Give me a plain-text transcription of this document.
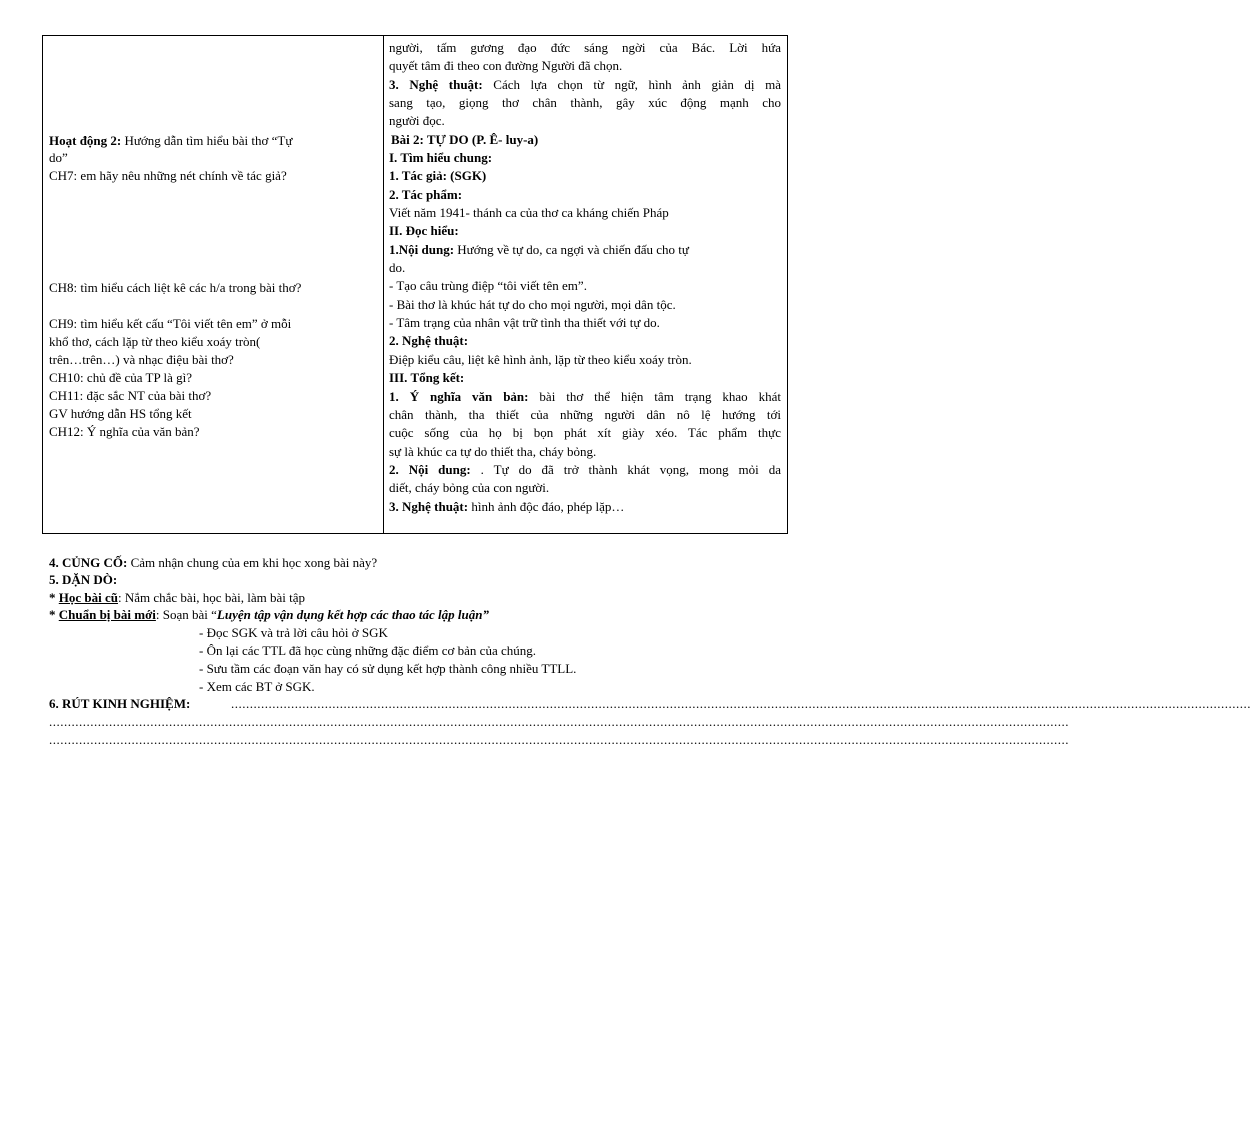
Hoạt động 2: Hướng dẫn tìm hiểu bài thơ “Tự
do”
CH7: em hãy nêu những nét chính về tác giả?
CH8: tìm hiểu cách liệt kê các h/a trong bài thơ?
CH9: tìm hiểu kết cấu “Tôi viết tên em” ở mỗi
khổ thơ, cách lặp từ theo kiểu xoáy tròn(
trên…trên…) và nhạc điệu bài thơ?
CH10: chủ đề của TP là gì?
CH11: đặc sắc NT của bài thơ?
GV hướng dẫn HS tổng kết
CH12: Ý nghĩa của văn bản?
người, tấm gương đạo đức sáng ngời của Bác. Lời hứa
quyết tâm đi theo con đường Người đã chọn.
3. Nghệ thuật: Cách lựa chọn từ ngữ, hình ảnh giản dị mà
sang tạo, giọng thơ chân thành, gây xúc động mạnh cho
người đọc.
Bài 2: TỰ DO (P. Ê- luy-a)
I. Tìm hiểu chung:
1. Tác giả: (SGK)
2. Tác phẩm:
Viết năm 1941- thánh ca của thơ ca kháng chiến Pháp
II. Đọc hiểu:
1.Nội dung: Hướng về tự do, ca ngợi và chiến đấu cho tự
do.
- Tạo câu trùng điệp “tôi viết tên em”.
- Bài thơ là khúc hát tự do cho mọi người, mọi dân tộc.
- Tâm trạng của nhân vật trữ tình tha thiết với tự do.
2. Nghệ thuật:
Điệp kiểu câu, liệt kê hình ảnh, lặp từ theo kiểu xoáy tròn.
III. Tổng kết:
1. Ý nghĩa văn bản: bài thơ thể hiện tâm trạng khao khát
chân thành, tha thiết của những người dân nô lệ hướng tới
cuộc sống của họ bị bọn phát xít giày xéo. Tác phẩm thực
sự là khúc ca tự do thiết tha, cháy bỏng.
2. Nội dung: . Tự do đã trở thành khát vọng, mong mỏi da
diết, cháy bỏng của con người.
3. Nghệ thuật: hình ảnh độc đáo, phép lặp…
4. CỦNG CỐ: Cảm nhận chung của em khi học xong bài này?
5. DẶN DÒ:
* Học bài cũ: Nắm chắc bài, học bài, làm bài tập
* Chuẩn bị bài mới: Soạn bài “Luyện tập vận dụng kết hợp các thao tác lập luận”
- Đọc SGK và trả lời câu hỏi ở SGK
- Ôn lại các TTL đã học cùng những đặc điểm cơ bản của chúng.
- Sưu tầm các đoạn văn hay có sử dụng kết hợp thành công nhiều TTLL.
- Xem các BT ở SGK.
6. RÚT KINH NGHIỆM:	................................................................................................................................................................................................................................................................................
................................................................................................................................................................................................................................................................................
................................................................................................................................................................................................................................................................................
